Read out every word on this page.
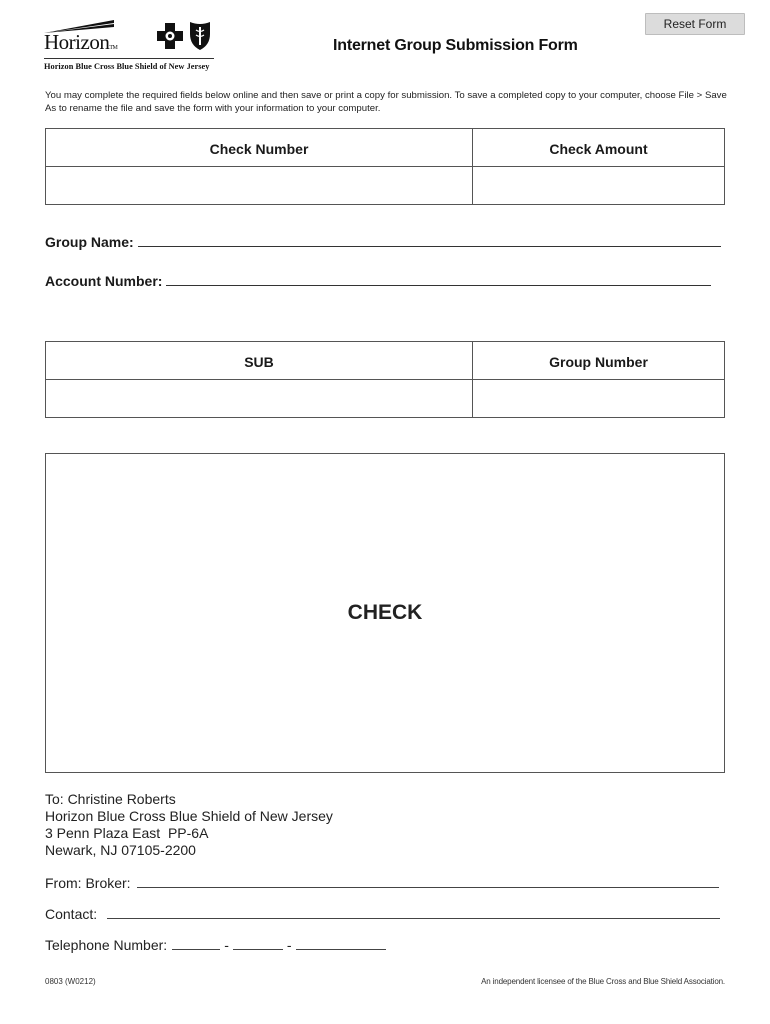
HorizonTM
Horizon Blue Cross Blue Shield of New Jersey
Reset Form
Internet Group Submission Form
You may complete the required fields below online and then save or print a copy for submission. To save a completed copy to your computer, choose File > Save As to rename the file and save the form with your information to your computer.
Check Number	Check Amount
Group Name:
Account Number:
SUB	Group Number
CHECK
To: Christine Roberts
Horizon Blue Cross Blue Shield of New Jersey
3 Penn Plaza East  PP-6A
Newark, NJ 07105-2200
From: Broker:
Contact:
Telephone Number:	-	-
0803 (W0212)	An independent licensee of the Blue Cross and Blue Shield Association.
